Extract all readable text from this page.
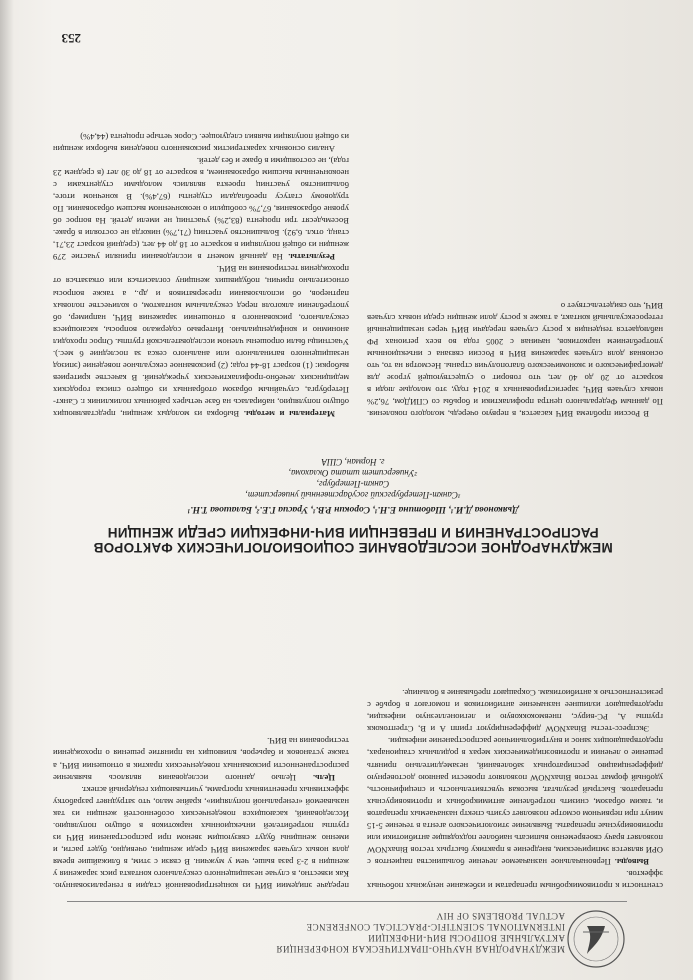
МЕЖДУНАРОДНАЯ НАУЧНО-ПРАКТИЧЕСКАЯ КОНФЕРЕНЦИЯ
АКТУАЛЬНЫЕ ВОПРОСЫ ВИЧ-ИНФЕКЦИИ
INTERNATIONAL SCIENTIFIC-PRACTICAL CONFERENCE
ACTUAL PROBLEMS OF HIV

стентности к противомикробным препаратам и избежание ненужных побочных эффектов.

Выводы. Первоначальное назначаемое лечение большинства пациентов с ОРИ является эмпирическим, внедрение в практику быстрых тестов BinaxNOW позволяет врачу своевременно выписать наиболее подходящие антибиотики или противовирусные препараты. Выявление этиологического агента в течение 5-15 минут при первичном осмотре позволяет сузить спектр назначаемых препаратов и, таким образом, снизить потребление антимикробных и противовирусных препаратов. Быстрый результат, высокая чувствительность и специфичность, удобный формат тестов BinaxNOW позволяют провести раннюю достоверную дифференциацию респираторных заболеваний, незамедлительно принять решение о лечении и противоэпидемических мерах в родильных стационарах, предотвращающих занос и внутрибольничное распространение инфекции.

Экспресс-тесты BinaxNOW дифференцируют грипп А и В, Стрептококк группы А, РС-вирус, пневмококковую и легионеллезную инфекции, предотвращают излишнее назначение антибиотиков и помогают в борьбе с резистентностью к антибиотикам. Сокращают пребывание в больнице.

передаче эпидемии ВИЧ из концентрированной стадии в генерализованную. Как известно, в случае незащищенного сексуального контакта риск заражения у женщин в 2-3 раза выше, чем у мужчин. В связи с этим, в ближайшие время доля новых случаев заражения ВИЧ среди женщин, очевидно, будет расти, и именно женщины будут связующим звеном при распространении ВИЧ из группы потребителей инъекционных наркотиков в общую популяцию. Исследований, касающихся поведенческих особенностей женщин из так называемой «генеральной популяции», крайне мало, что затрудняет разработку эффективных превентивных программ, учитывающих гендерный аспект.

Цель. Целью данного исследования являлось выявление распространенности рискованных поведенческих практик в отношении ВИЧ, а также установок и барьеров, влияющих на принятие решения о прохождении тестирования на ВИЧ.

МЕЖДУНАРОДНОЕ ИССЛЕДОВАНИЕ СОЦИОБИОЛОГИЧЕСКИХ ФАКТОРОВ РАСПРОСТРАНЕНИЯ И ПРЕВЕНЦИИ ВИЧ-ИНФЕКЦИИ СРЕДИ ЖЕНЩИН
Дьяконова Д.И.¹, Шаботина Е.Н.¹, Сорокин Р.В.¹, Урасиа Г.Е.², Балашова Т.Н.¹
¹Санкт-Петербургский государственный университет,
Санкт-Петербург,
²Университет штата Оклахома,
г. Норман, США

В России проблема ВИЧ касается, в первую очередь, молодого поколения. По данным Федерального центра профилактики и борьбы со СПИДом, 76,2% новых случаев ВИЧ, зарегистрированных в 2014 году, это молодые люди в возрасте от 20 до 40 лет, что говорит о существующей угрозе для демографического и экономического благополучия страны. Несмотря на то, что основная доля случаев заражения ВИЧ в России связана с инъекционным употреблением наркотиков, начиная с 2005 года во всех регионах РФ наблюдается тенденция к росту случаев передачи ВИЧ через незащищенный гетеросексуальный контакт, а также к росту доли женщин среди новых случаев ВИЧ, что свидетельствует о

Материалы и методы. Выборка из молодых женщин, представляющих общую популяцию, набиралась на базе четырех районных поликлиник г. Санкт-Петербурга, случайным образом отобранных из общего списка городских медицинских лечебно-профилактических учреждений. В качестве критериев выборки: (1) возраст 18-44 года; (2) рискованное сексуальное поведение (эпизод незащищенного вагинального или анального секса за последние 6 мес.). Участницы были опрошены членом исследовательской группы. Опрос проходил анонимно и конфиденциально. Интервью содержало вопросы, касающиеся сексуального, рискованного в отношении заражения ВИЧ, например, об употреблении алкоголя перед сексуальным контактом, о количестве половых партнеров, об использовании презервативов и др., а также вопросы относительно причин, побудивших женщину согласиться или отказаться от прохождения тестирования на ВИЧ.

Результаты. На данный момент в исследовании приняли участие 279 женщин из общей популяции в возрасте от 18 до 44 лет, (средний возраст 23,71, станд. откл. 6,92). Большинство участниц (71,7%) никогда не состояли в браке. Восемьдесят три процента (83,2%) участниц не имели детей. На вопрос об уровне образования, 67,7% сообщили о неоконченном высшем образовании. По трудовому статусу преобладали студенты (67,4%). В конечном итоге, большинство участниц проекта являлись молодыми студентками с неоконченным высшим образованием, в возрасте от 18 до 30 лет (в среднем 23 года), не состоящими в браке и без детей.

Анализ основных характеристик рискованного поведения выборки женщин из общей популяции выявил следующее. Сорок четыре процента (44,4%)

253
